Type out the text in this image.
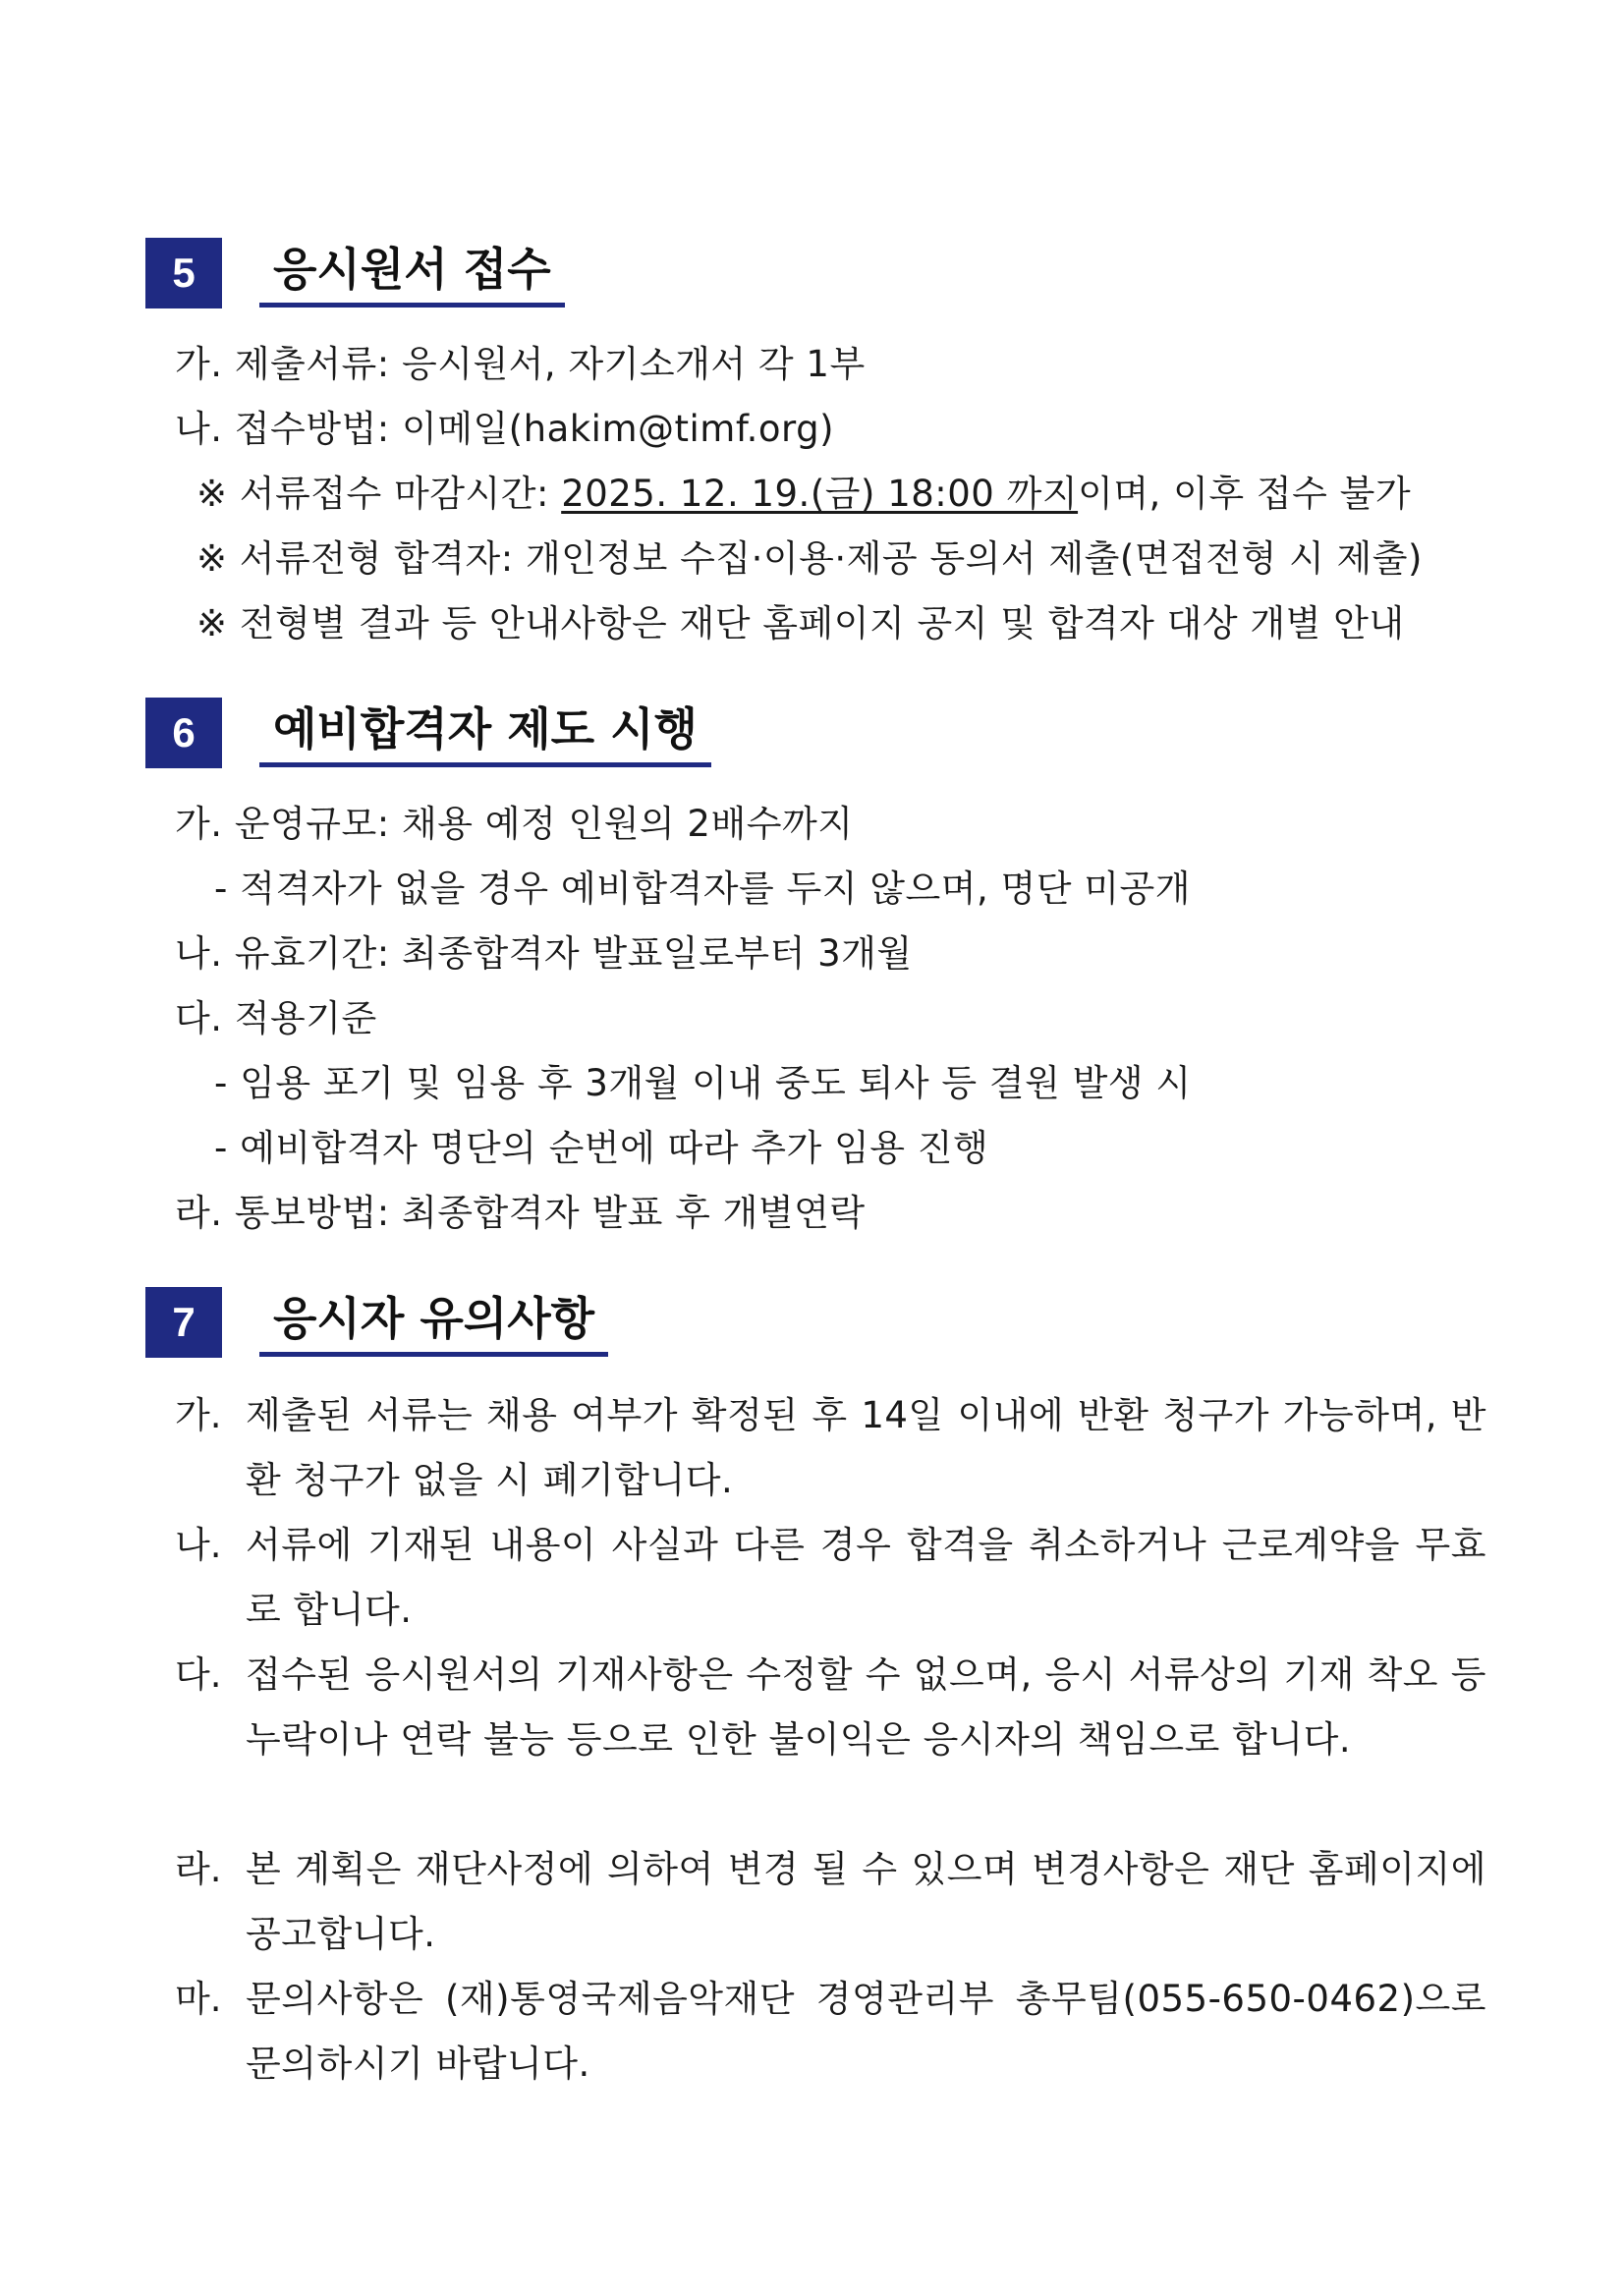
5	응시원서 접수
가. 제출서류: 응시원서, 자기소개서 각 1부
나. 접수방법: 이메일(hakim@timf.org)
※ 서류접수 마감시간: 2025. 12. 19.(금) 18:00 까지이며, 이후 접수 불가
※ 서류전형 합격자: 개인정보 수집·이용·제공 동의서 제출(면접전형 시 제출)
※ 전형별 결과 등 안내사항은 재단 홈페이지 공지 및 합격자 대상 개별 안내
6	예비합격자 제도 시행
가. 운영규모: 채용 예정 인원의 2배수까지
- 적격자가 없을 경우 예비합격자를 두지 않으며, 명단 미공개
나. 유효기간: 최종합격자 발표일로부터 3개월
다. 적용기준
- 임용 포기 및 임용 후 3개월 이내 중도 퇴사 등 결원 발생 시
- 예비합격자 명단의 순번에 따라 추가 임용 진행
라. 통보방법: 최종합격자 발표 후 개별연락
7	응시자 유의사항
가. 제출된 서류는 채용 여부가 확정된 후 14일 이내에 반환 청구가 가능하며, 반환 청구가 없을 시 폐기합니다.
나. 서류에 기재된 내용이 사실과 다른 경우 합격을 취소하거나 근로계약을 무효로 합니다.
다. 접수된 응시원서의 기재사항은 수정할 수 없으며, 응시 서류상의 기재 착오 등 누락이나 연락 불능 등으로 인한 불이익은 응시자의 책임으로 합니다.
라. 본 계획은 재단사정에 의하여 변경 될 수 있으며 변경사항은 재단 홈페이지에 공고합니다.
마. 문의사항은 (재)통영국제음악재단 경영관리부 총무팀(055-650-0462)으로 문의하시기 바랍니다.
